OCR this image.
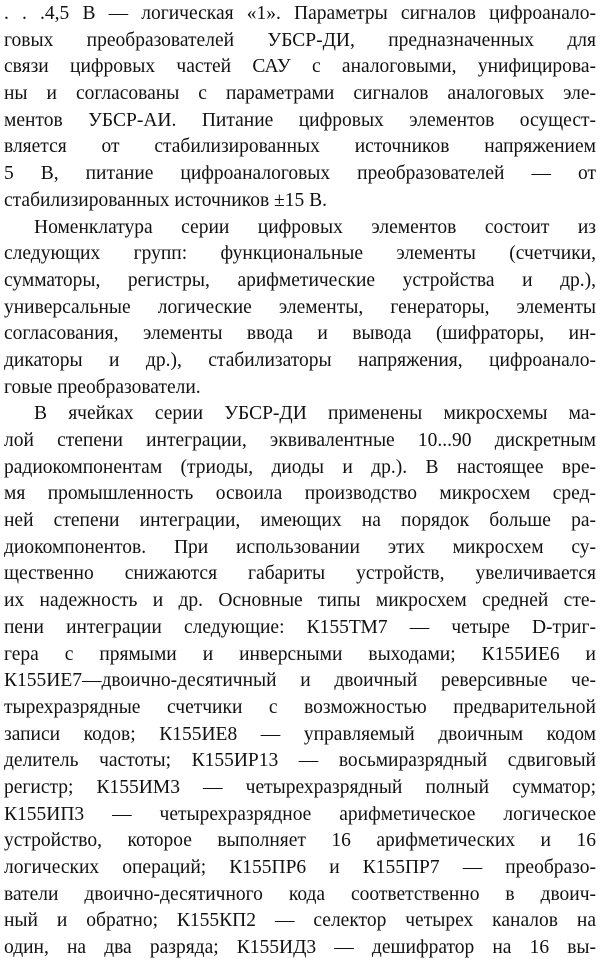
. . .4,5 В — логическая «1». Параметры сигналов цифроанало-
говых преобразователей УБСР-ДИ, предназначенных для
связи цифровых частей САУ с аналоговыми, унифицирова-
ны и согласованы с параметрами сигналов аналоговых эле-
ментов УБСР-АИ. Питание цифровых элементов осущест-
вляется от стабилизированных источников напряжением
5 В, питание цифроаналоговых преобразователей — от
стабилизированных источников ±15 В.
Номенклатура серии цифровых элементов состоит из
следующих групп: функциональные элементы (счетчики,
сумматоры, регистры, арифметические устройства и др.),
универсальные логические элементы, генераторы, элементы
согласования, элементы ввода и вывода (шифраторы, ин-
дикаторы и др.), стабилизаторы напряжения, цифроанало-
говые преобразователи.
В ячейках серии УБСР-ДИ применены микросхемы ма-
лой степени интеграции, эквивалентные 10...90 дискретным
радиокомпонентам (триоды, диоды и др.). В настоящее вре-
мя промышленность освоила производство микросхем сред-
ней степени интеграции, имеющих на порядок больше ра-
диокомпонентов. При использовании этих микросхем су-
щественно снижаются габариты устройств, увеличивается
их надежность и др. Основные типы микросхем средней сте-
пени интеграции следующие: К155ТМ7 — четыре D-триг-
гера с прямыми и инверсными выходами; К155ИЕ6 и
К155ИЕ7—двоично-десятичный и двоичный реверсивные че-
тырехразрядные счетчики с возможностью предварительной
записи кодов; К155ИЕ8 — управляемый двоичным кодом
делитель частоты; К155ИР13 — восьмиразрядный сдвиговый
регистр; К155ИМ3 — четырехразрядный полный сумматор;
К155ИП3 — четырехразрядное арифметическое логическое
устройство, которое выполняет 16 арифметических и 16
логических операций; К155ПР6 и К155ПР7 — преобразо-
ватели двоично-десятичного кода соответственно в двоич-
ный и обратно; К155КП2 — селектор четырех каналов на
один, на два разряда; К155ИД3 — дешифратор на 16 вы-
